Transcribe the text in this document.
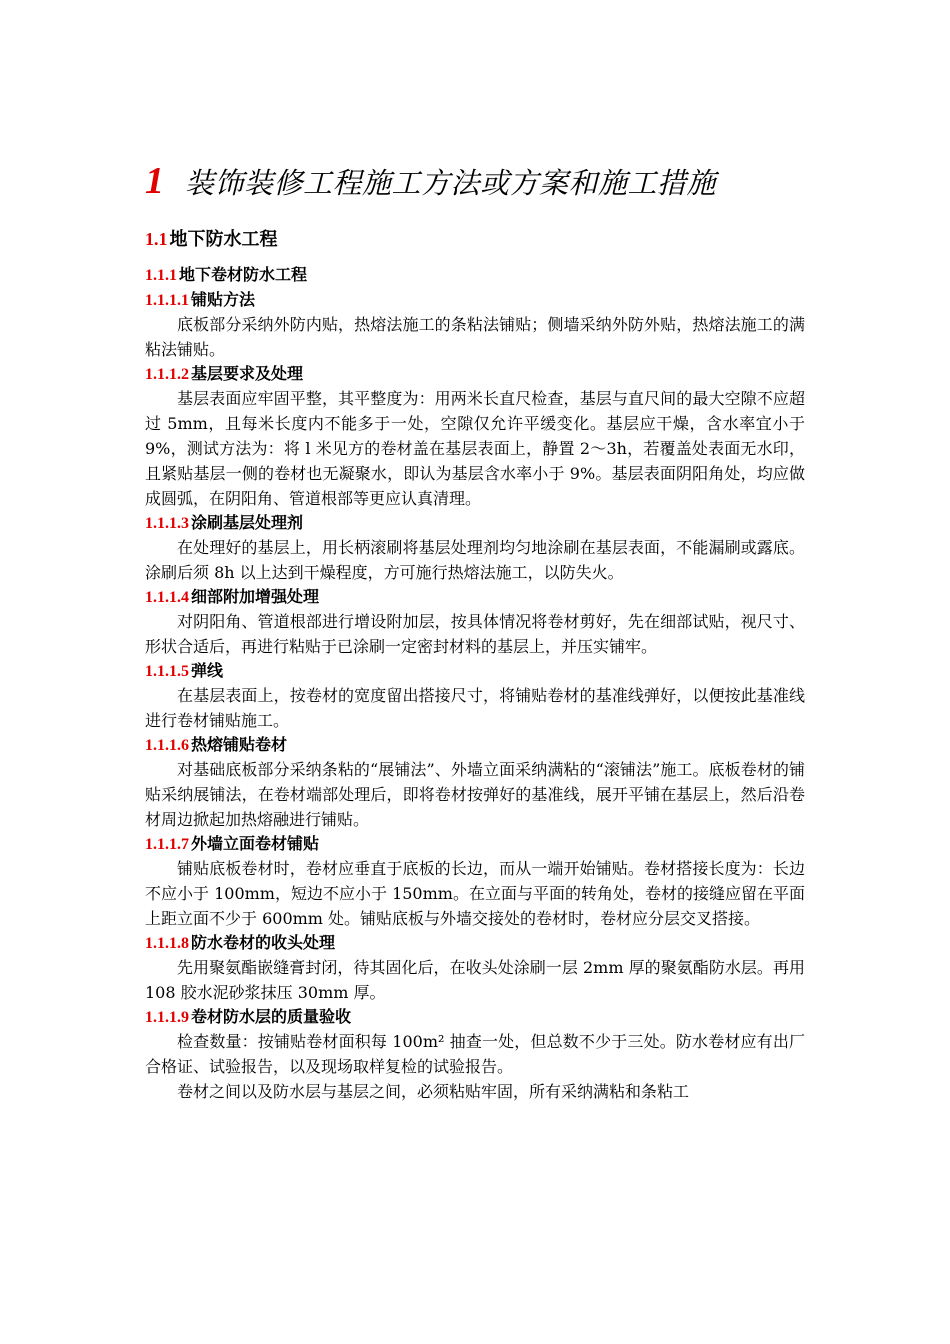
1 装饰装修工程施工方法或方案和施工措施
1.1 地下防水工程
1.1.1 地下卷材防水工程
1.1.1.1 铺贴方法
底板部分采纳外防内贴，热熔法施工的条粘法铺贴；侧墙采纳外防外贴，热熔法施工的满粘法铺贴。
1.1.1.2 基层要求及处理
基层表面应牢固平整，其平整度为：用两米长直尺检查，基层与直尺间的最大空隙不应超过 5mm，且每米长度内不能多于一处，空隙仅允许平缓变化。基层应干燥，含水率宜小于 9%，测试方法为：将 l 米见方的卷材盖在基层表面上，静置 2～3h，若覆盖处表面无水印，且紧贴基层一侧的卷材也无凝聚水，即认为基层含水率小于 9%。基层表面阴阳角处，均应做成圆弧，在阴阳角、管道根部等更应认真清理。
1.1.1.3 涂刷基层处理剂
在处理好的基层上，用长柄滚刷将基层处理剂均匀地涂刷在基层表面，不能漏刷或露底。涂刷后须 8h 以上达到干燥程度，方可施行热熔法施工，以防失火。
1.1.1.4 细部附加增强处理
对阴阳角、管道根部进行增设附加层，按具体情况将卷材剪好，先在细部试贴，视尺寸、形状合适后，再进行粘贴于已涂刷一定密封材料的基层上，并压实铺牢。
1.1.1.5 弹线
在基层表面上，按卷材的宽度留出搭接尺寸，将铺贴卷材的基准线弹好，以便按此基准线进行卷材铺贴施工。
1.1.1.6 热熔铺贴卷材
对基础底板部分采纳条粘的“展铺法”、外墙立面采纳满粘的“滚铺法”施工。底板卷材的铺贴采纳展铺法，在卷材端部处理后，即将卷材按弹好的基准线，展开平铺在基层上，然后沿卷材周边掀起加热熔融进行铺贴。
1.1.1.7 外墙立面卷材铺贴
铺贴底板卷材时，卷材应垂直于底板的长边，而从一端开始铺贴。卷材搭接长度为：长边不应小于 100mm，短边不应小于 150mm。在立面与平面的转角处，卷材的接缝应留在平面上距立面不少于 600mm 处。铺贴底板与外墙交接处的卷材时，卷材应分层交叉搭接。
1.1.1.8 防水卷材的收头处理
先用聚氨酯嵌缝膏封闭，待其固化后，在收头处涂刷一层 2mm 厚的聚氨酯防水层。再用 108 胶水泥砂浆抹压 30mm 厚。
1.1.1.9 卷材防水层的质量验收
检查数量：按铺贴卷材面积每 100m² 抽查一处，但总数不少于三处。防水卷材应有出厂合格证、试验报告，以及现场取样复检的试验报告。
卷材之间以及防水层与基层之间，必须粘贴牢固，所有采纳满粘和条粘工
